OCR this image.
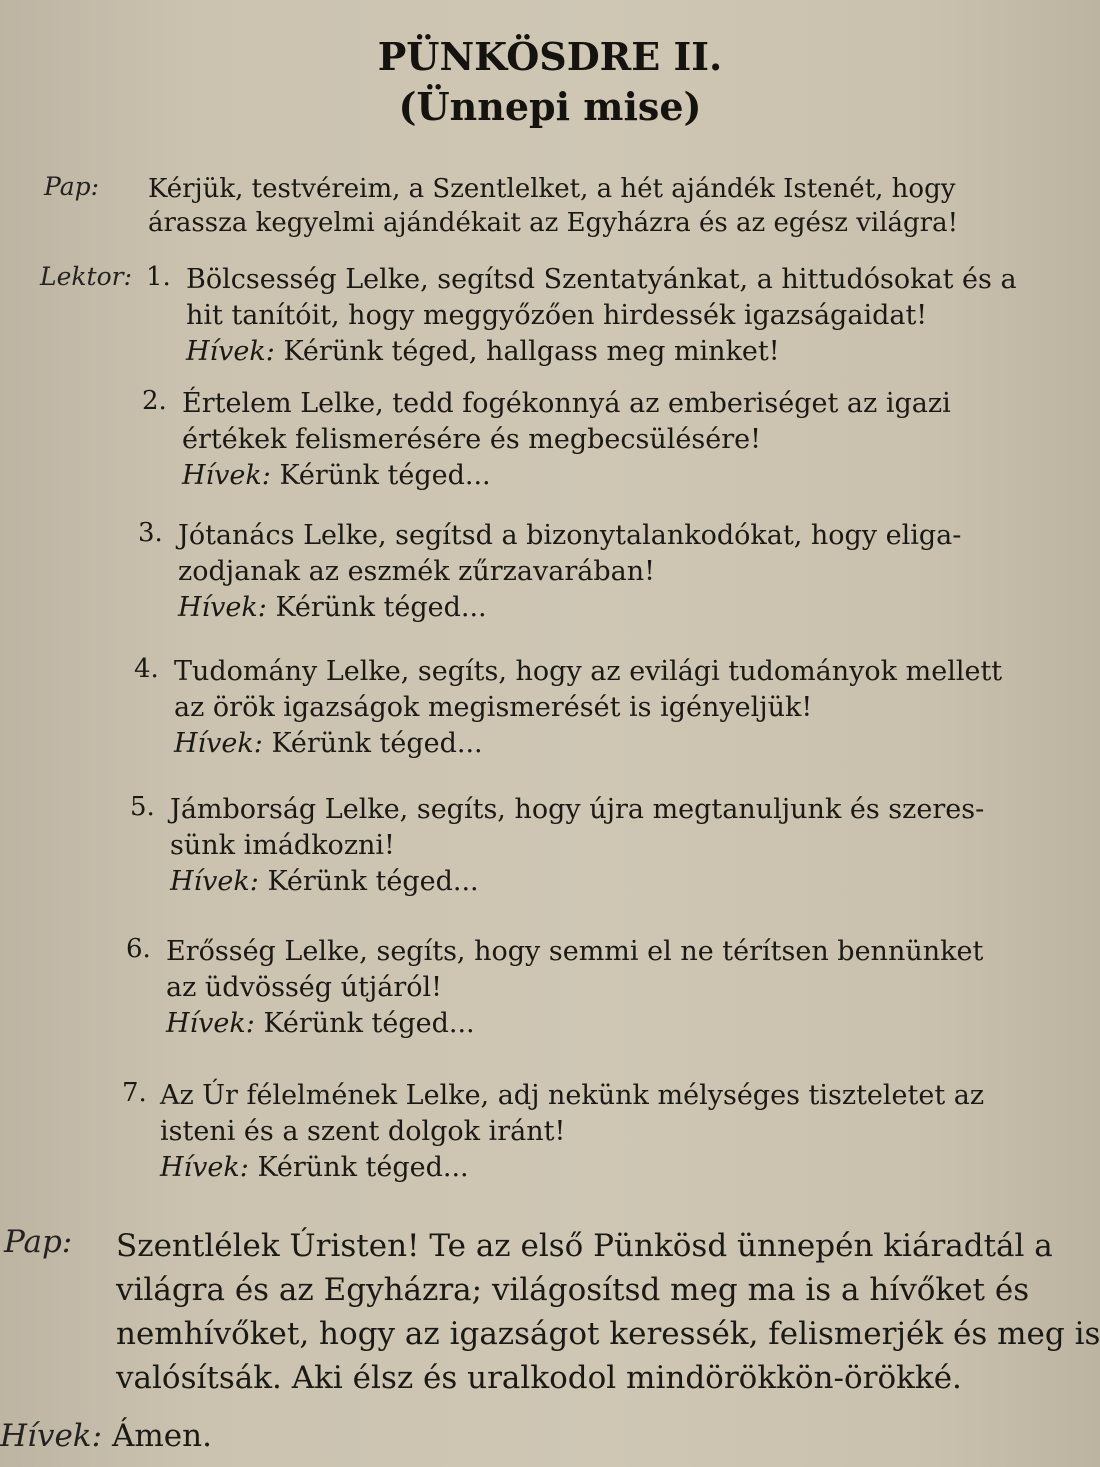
PÜNKÖSDRE II.
(Ünnepi mise)
Pap: Kérjük, testvéreim, a Szentlelket, a hét ajándék Istenét, hogy
árassza kegyelmi ajándékait az Egyházra és az egész világra!
Lektor: 1. Bölcsesség Lelke, segítsd Szentatyánkat, a hittudósokat és a
hit tanítóit, hogy meggyőzően hirdessék igazságaidat!
Hívek: Kérünk téged, hallgass meg minket!
2. Értelem Lelke, tedd fogékonnyá az emberiséget az igazi
értékek felismerésére és megbecsülésére!
Hívek: Kérünk téged...
3. Jótanács Lelke, segítsd a bizonytalankodókat, hogy eliga-
zodjanak az eszmék zűrzavarában!
Hívek: Kérünk téged...
4. Tudomány Lelke, segíts, hogy az evilági tudományok mellett
az örök igazságok megismerését is igényeljük!
Hívek: Kérünk téged...
5. Jámborság Lelke, segíts, hogy újra megtanuljunk és szeres-
sünk imádkozni!
Hívek: Kérünk téged...
6. Erősség Lelke, segíts, hogy semmi el ne térítsen bennünket
az üdvösség útjáról!
Hívek: Kérünk téged...
7. Az Úr félelmének Lelke, adj nekünk mélységes tiszteletet az
isteni és a szent dolgok iránt!
Hívek: Kérünk téged...
Pap: Szentlélek Úristen! Te az első Pünkösd ünnepén kiáradtál a
világra és az Egyházra; világosítsd meg ma is a hívőket és
nemhívőket, hogy az igazságot keressék, felismerjék és meg is
valósítsák. Aki élsz és uralkodol mindörökkön-örökké.
Hívek: Ámen.
